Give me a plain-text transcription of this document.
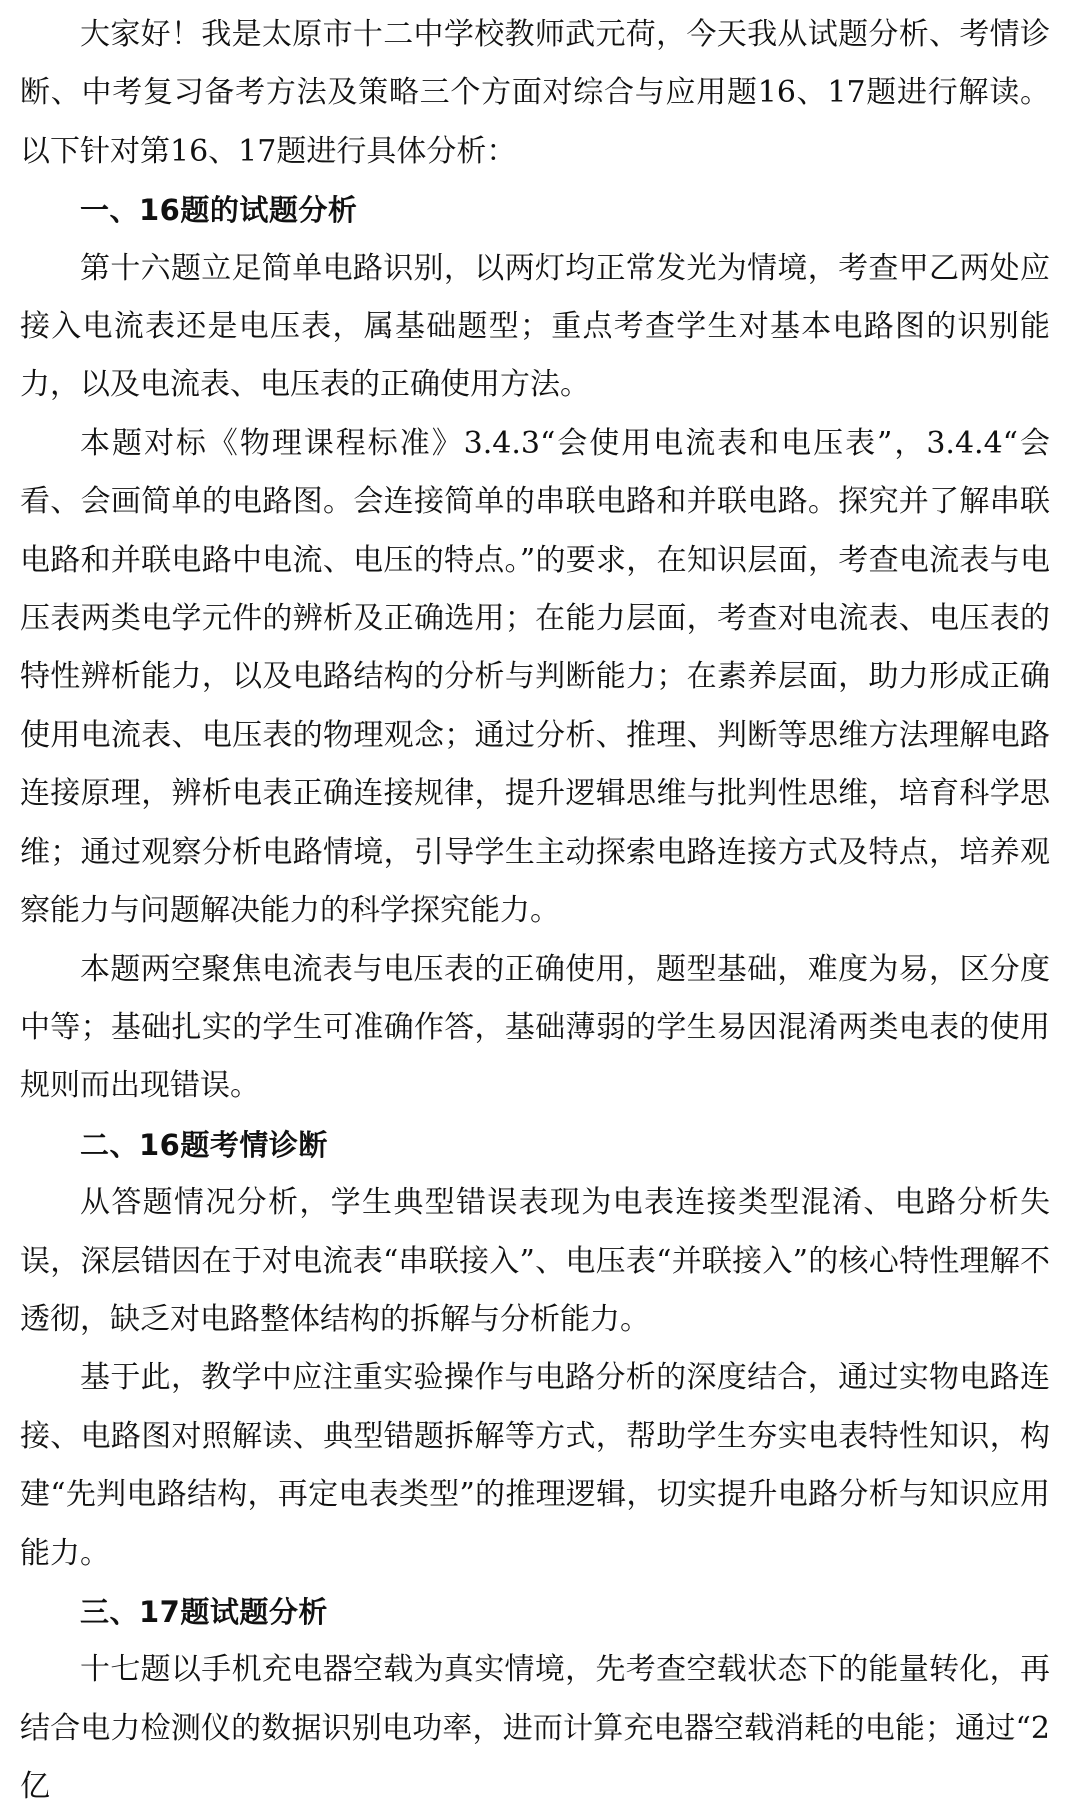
大家好！我是太原市十二中学校教师武元荷，今天我从试题分析、考情诊断、中考复习备考方法及策略三个方面对综合与应用题16、17题进行解读。以下针对第16、17题进行具体分析：

一、16题的试题分析

第十六题立足简单电路识别，以两灯均正常发光为情境，考查甲乙两处应接入电流表还是电压表，属基础题型；重点考查学生对基本电路图的识别能力，以及电流表、电压表的正确使用方法。

本题对标《物理课程标准》3.4.3“会使用电流表和电压表”，3.4.4“会看、会画简单的电路图。会连接简单的串联电路和并联电路。探究并了解串联电路和并联电路中电流、电压的特点。”的要求，在知识层面，考查电流表与电压表两类电学元件的辨析及正确选用；在能力层面，考查对电流表、电压表的特性辨析能力，以及电路结构的分析与判断能力；在素养层面，助力形成正确使用电流表、电压表的物理观念；通过分析、推理、判断等思维方法理解电路连接原理，辨析电表正确连接规律，提升逻辑思维与批判性思维，培育科学思维；通过观察分析电路情境，引导学生主动探索电路连接方式及特点，培养观察能力与问题解决能力的科学探究能力。

本题两空聚焦电流表与电压表的正确使用，题型基础，难度为易，区分度中等；基础扎实的学生可准确作答，基础薄弱的学生易因混淆两类电表的使用规则而出现错误。

二、16题考情诊断

从答题情况分析，学生典型错误表现为电表连接类型混淆、电路分析失误，深层错因在于对电流表“串联接入”、电压表“并联接入”的核心特性理解不透彻，缺乏对电路整体结构的拆解与分析能力。

基于此，教学中应注重实验操作与电路分析的深度结合，通过实物电路连接、电路图对照解读、典型错题拆解等方式，帮助学生夯实电表特性知识，构建“先判电路结构，再定电表类型”的推理逻辑，切实提升电路分析与知识应用能力。

三、17题试题分析

十七题以手机充电器空载为真实情境，先考查空载状态下的能量转化，再结合电力检测仪的数据识别电功率，进而计算充电器空载消耗的电能；通过“2亿
